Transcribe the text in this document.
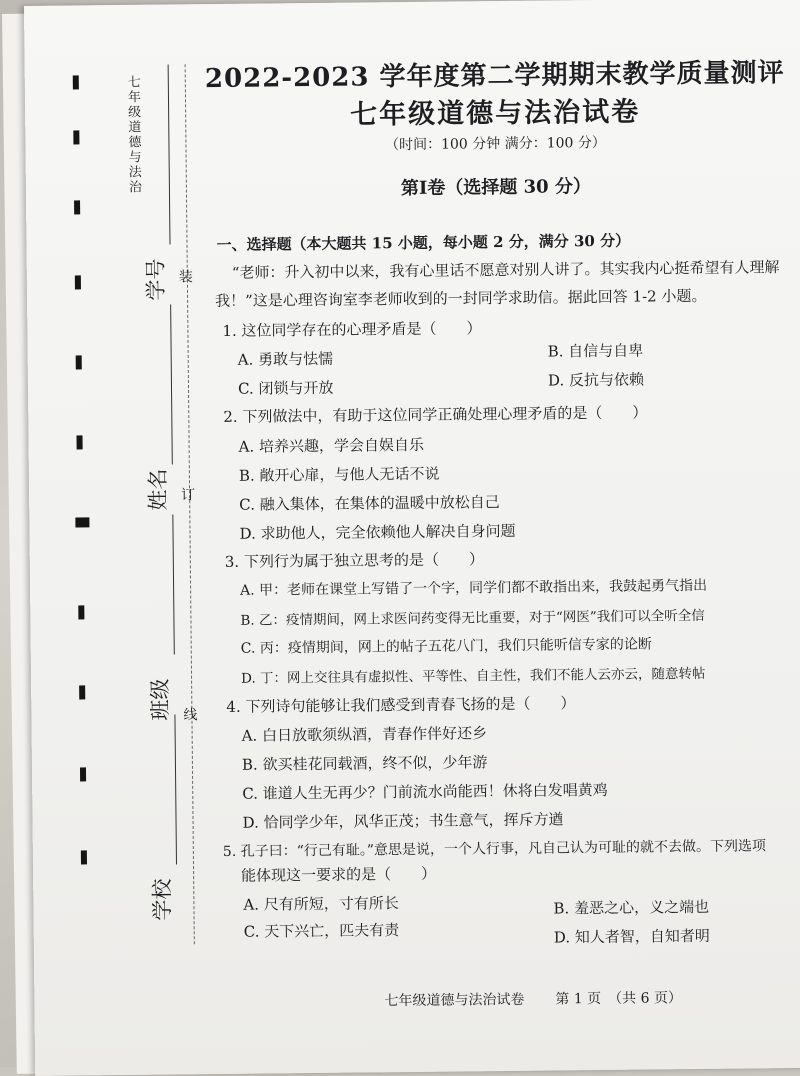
七年级道德与法治
学号
姓名
班级
学校
装
订
线
2022-2023 学年度第二学期期末教学质量测评
七年级道德与法治试卷
（时间：100 分钟 满分：100 分）
第Ⅰ卷（选择题 30 分）
一、选择题（本大题共 15 小题，每小题 2 分，满分 30 分）
“老师：升入初中以来，我有心里话不愿意对别人讲了。其实我内心挺希望有人理解
我！”这是心理咨询室李老师收到的一封同学求助信。据此回答 1-2 小题。
1. 这位同学存在的心理矛盾是（　　）
A. 勇敢与怯懦	B. 自信与自卑
C. 闭锁与开放	D. 反抗与依赖
2. 下列做法中，有助于这位同学正确处理心理矛盾的是（　　）
A. 培养兴趣，学会自娱自乐
B. 敞开心扉，与他人无话不说
C. 融入集体，在集体的温暖中放松自己
D. 求助他人，完全依赖他人解决自身问题
3. 下列行为属于独立思考的是（　　）
A. 甲：老师在课堂上写错了一个字，同学们都不敢指出来，我鼓起勇气指出
B. 乙：疫情期间，网上求医问药变得无比重要，对于“网医”我们可以全听全信
C. 丙：疫情期间，网上的帖子五花八门，我们只能听信专家的论断
D. 丁：网上交往具有虚拟性、平等性、自主性，我们不能人云亦云，随意转帖
4. 下列诗句能够让我们感受到青春飞扬的是（　　）
A. 白日放歌须纵酒，青春作伴好还乡
B. 欲买桂花同载酒，终不似，少年游
C. 谁道人生无再少？门前流水尚能西！休将白发唱黄鸡
D. 恰同学少年，风华正茂；书生意气，挥斥方遒
5. 孔子曰：“行己有耻。”意思是说，一个人行事，凡自己认为可耻的就不去做。下列选项
能体现这一要求的是（　　）
A. 尺有所短，寸有所长	B. 羞恶之心，义之端也
C. 天下兴亡，匹夫有责	D. 知人者智，自知者明
七年级道德与法治试卷 第 1 页　（共 6 页）
